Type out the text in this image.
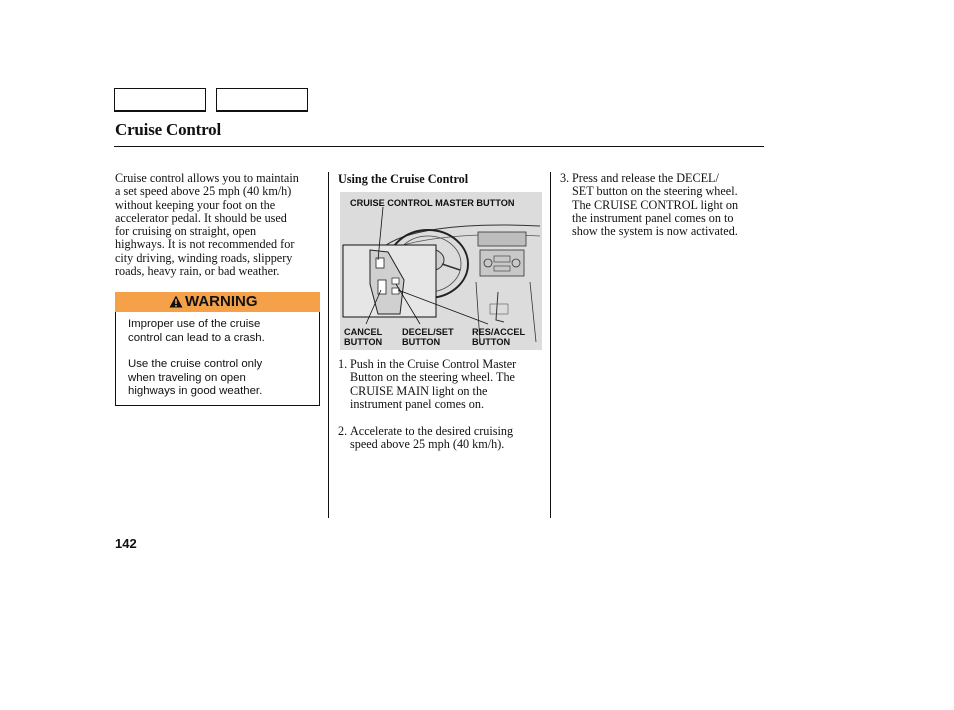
Cruise Control
Cruise control allows you to maintain
a set speed above 25 mph (40 km/h)
without keeping your foot on the
accelerator pedal. It should be used
for cruising on straight, open
highways. It is not recommended for
city driving, winding roads, slippery
roads, heavy rain, or bad weather.
WARNING
Improper use of the cruise
control can lead to a crash.
Use the cruise control only
when traveling on open
highways in good weather.
Using the Cruise Control
CRUISE CONTROL MASTER BUTTON
CANCEL
BUTTON
DECEL/SET
BUTTON
RES/ACCEL
BUTTON
1. Push in the Cruise Control Master
Button on the steering wheel. The
CRUISE MAIN light on the
instrument panel comes on.
2. Accelerate to the desired cruising
speed above 25 mph (40 km/h).
3. Press and release the DECEL/
SET button on the steering wheel.
The CRUISE CONTROL light on
the instrument panel comes on to
show the system is now activated.
142
